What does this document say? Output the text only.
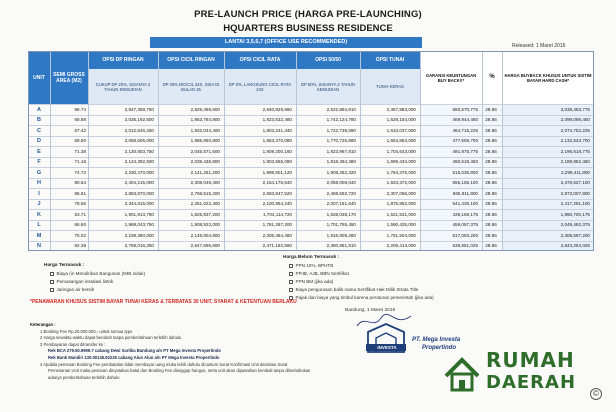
PRE-LAUNCH PRICE (HARGA PRE-LAUNCHING)
HQUARTERS BUSINESS RESIDENCE
LANTAI 3,5,6,7 (OFFICE USE RECOMMENDED)
Released: 1 Maret 2016
UNIT	SEMI GROSS AREA (M2)
OPSI DP RINGAN
CUKUP DP 20%, SISANYA 2 TAHUN KEMUDIAN
OPSI CICIL RINGAN
DP 40% DICICIL 24X, SISA DI BULAN 25
OPSI CICIL RATA
DP 0%, LANGSUNG CICIL RATA 24X
OPSI 50/50
DP 50%, SISANYA 2 TAHUN KEMUDIAN
OPSI TUNAI
TUNAI KERAS
GARANSI KEUNTUNGAN BUY BACK!!*	%	HARGA BUYBACK KHUSUS UNTUK SISTIM BAYAR HARD CASH*
A	98.74	2,947,358,750	2,829,459,600	2,640,828,960	2,522,894,810	2,357,883,000	680,570,775	28.86	3,038,453,775
B	68.88	2,035,192,500	1,953,784,800	1,823,532,480	1,742,124,780	1,628,154,000	469,944,450	28.86	2,098,098,450
C	67.42	2,012,546,250	1,932,044,400	1,803,241,440	1,722,739,590	1,610,037,000	464,715,225	28.86	2,074,752,225
D	69.50	2,068,605,000	1,985,860,800	1,853,470,080	1,770,725,880	1,654,884,000	477,659,700	28.86	2,132,543,700
E	71.38	2,130,803,750	2,045,571,600	1,909,200,160	1,823,967,810	1,704,643,000	491,975,775	28.86	2,196,618,775
F	71.16	2,124,392,500	2,039,436,800	1,903,566,080	1,818,394,380	1,699,434,000	490,518,450	28.86	2,189,952,450
G	74.72	2,230,470,000	2,141,251,200	1,998,501,120	1,909,282,320	1,784,376,000	515,035,800	28.86	2,299,411,800
H	80.54	2,404,215,000	2,308,046,400	2,154,176,640	2,058,008,040	1,923,372,000	555,155,100	28.86	2,478,527,100
I	96.61	2,883,870,000	2,768,515,200	2,583,947,520	2,468,592,720	2,307,096,000	665,911,800	28.86	2,973,007,800
J	78.55	2,344,815,000	2,251,022,400	2,100,954,240	2,007,161,640	1,875,852,000	541,439,100	28.86	2,417,291,100
K	63.71	1,901,913,750	1,825,837,200	1,704,114,720	1,628,038,170	1,521,531,000	439,169,175	28.86	1,960,700,175
L	66.60	1,988,043,750	1,908,522,000	1,781,287,200	1,701,765,450	1,590,435,000	459,057,375	28.86	2,049,492,375
M	75.02	2,239,380,000	2,149,804,800	2,006,484,480	1,916,909,280	1,791,504,000	517,093,200	28.86	2,308,597,200
N	92.39	2,758,016,250	2,647,695,600	2,471,182,560	2,360,861,910	2,206,413,000	636,851,025	28.86	2,843,264,025
Harga Termasuk :
Biaya (in Mendirikan Bangunan (IMB induk)
Pemasangan instalasi listrik
Jaringan air bersih
Harga Belum Termasuk :
PPN 10%, BPHTB
PPJB, AJB, BBN Sertifikat
PPN BM (jika ada)
Biaya pengurusan balik nama Sertifikat Hak Milik Strata Title
Pajak dan biaya yang timbul karena peraturan pemerintah (jika ada)
*PENAWARAN KHUSUS SISTIM BAYAR TUNAI KERAS & TERBATAS 30 UNIT, SYARAT & KETENTUAN BERLAKU
Keterangan :
1 Booking Fee Rp.20.000.000,- untuk semua type
2 Harga sewaktu-waktu dapat berubah tanpa pemberitahuan terlebih dahulu
3 Pembayaran dapat ditransfer ke :
Rek BCA 279.50.9999.7 cabang Dewi Sartika Bandung a/n PT Mega Investa Propertindo
Rek Bank Mandiri 130.00145.92235 cabang Alun Alun a/n PT Mega Investa Propertindo
4 Apabila pemesan Booking Fee pembatalan tidak membayar uang muka lebih dahulu dicantum Surat Konfirmasi Unit dan/atau Surat
Pemesanan Unit maka pesanan dinyatakan batal dan Booking Fee dianggap hangus, serta unit akan dipasarkan kembali tanpa diberitahukan
adanya pemberitahuan terlebih dahulu
Bandung, 1 Maret 2016
INVESTA
PT. Mega Investa
Propertindo RUMAH
DAERAH
©
